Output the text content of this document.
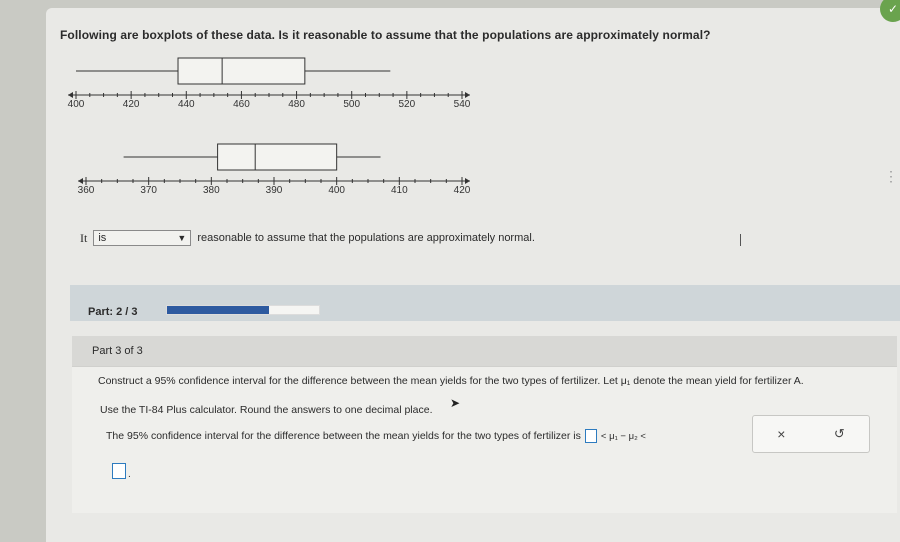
✓
Following are boxplots of these data. Is it reasonable to assume that the populations are approximately normal?
400	420	440	460	480	500	520	540
360	370	380	390	400	410	420
It is	▼ reasonable to assume that the populations are approximately normal.
⋮
Part: 2 / 3
Part 3 of 3
Construct a 95% confidence interval for the difference between the mean yields for the two types of fertilizer. Let μ₁ denote the mean yield for fertilizer A.
Use the TI-84 Plus calculator. Round the answers to one decimal place. ➤
The 95% confidence interval for the difference between the mean yields for the two types of fertilizer is < μ₁ − μ₂ <
.
×	↺
